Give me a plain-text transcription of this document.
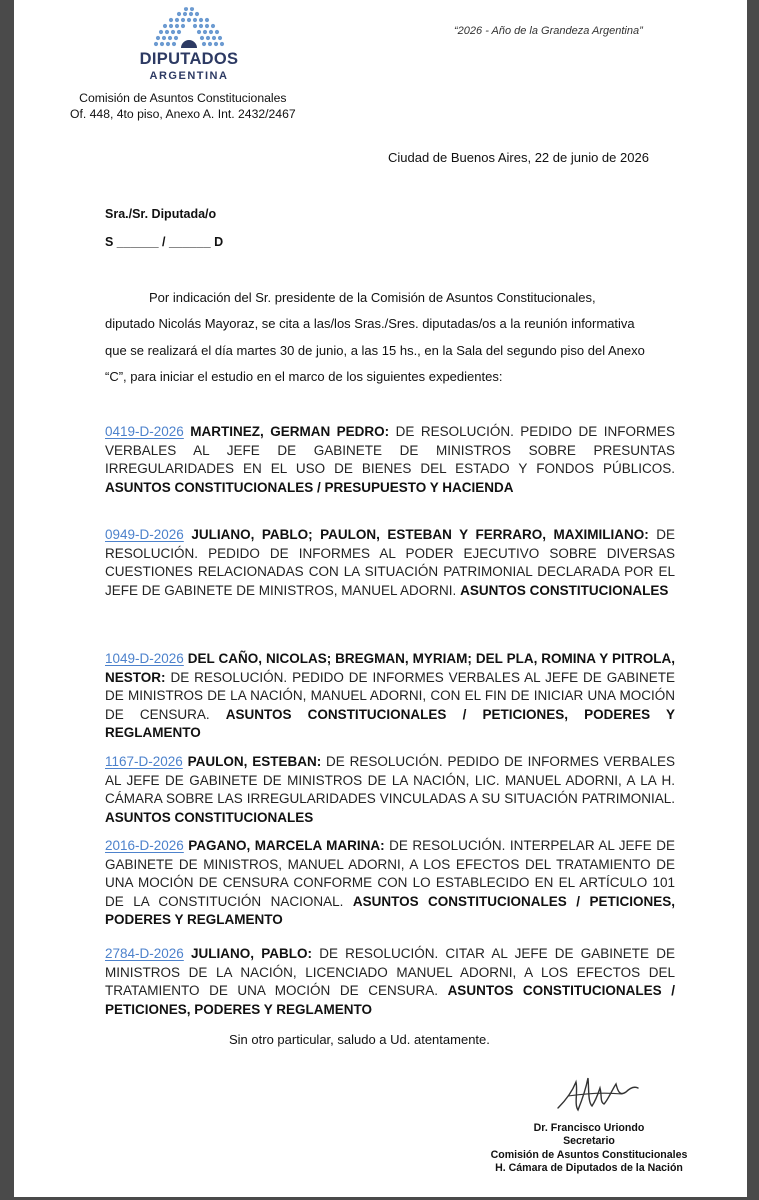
DIPUTADOS
ARGENTINA
“2026 - Año de la Grandeza Argentina”
Comisión de Asuntos Constitucionales
Of. 448, 4to piso, Anexo A. Int. 2432/2467
Ciudad de Buenos Aires, 22 de junio de 2026
Sra./Sr. Diputada/o
S ______ / ______ D
Por indicación del Sr. presidente de la Comisión de Asuntos Constitucionales,
diputado Nicolás Mayoraz, se cita a las/los Sras./Sres. diputadas/os a la reunión informativa
que se realizará el día martes 30 de junio, a las 15 hs., en la Sala del segundo piso del Anexo
“C”, para iniciar el estudio en el marco de los siguientes expedientes:
0419-D-2026 MARTINEZ, GERMAN PEDRO: DE RESOLUCIÓN. PEDIDO DE INFORMES VERBALES AL JEFE DE GABINETE DE MINISTROS SOBRE PRESUNTAS IRREGULARIDADES EN EL USO DE BIENES DEL ESTADO Y FONDOS PÚBLICOS. ASUNTOS CONSTITUCIONALES / PRESUPUESTO Y HACIENDA
0949-D-2026 JULIANO, PABLO; PAULON, ESTEBAN Y FERRARO, MAXIMILIANO: DE RESOLUCIÓN. PEDIDO DE INFORMES AL PODER EJECUTIVO SOBRE DIVERSAS CUESTIONES RELACIONADAS CON LA SITUACIÓN PATRIMONIAL DECLARADA POR EL JEFE DE GABINETE DE MINISTROS, MANUEL ADORNI. ASUNTOS CONSTITUCIONALES
1049-D-2026 DEL CAÑO, NICOLAS; BREGMAN, MYRIAM; DEL PLA, ROMINA Y PITROLA, NESTOR: DE RESOLUCIÓN. PEDIDO DE INFORMES VERBALES AL JEFE DE GABINETE DE MINISTROS DE LA NACIÓN, MANUEL ADORNI, CON EL FIN DE INICIAR UNA MOCIÓN DE CENSURA. ASUNTOS CONSTITUCIONALES / PETICIONES, PODERES Y REGLAMENTO
1167-D-2026 PAULON, ESTEBAN: DE RESOLUCIÓN. PEDIDO DE INFORMES VERBALES AL JEFE DE GABINETE DE MINISTROS DE LA NACIÓN, LIC. MANUEL ADORNI, A LA H. CÁMARA SOBRE LAS IRREGULARIDADES VINCULADAS A SU SITUACIÓN PATRIMONIAL. ASUNTOS CONSTITUCIONALES
2016-D-2026 PAGANO, MARCELA MARINA: DE RESOLUCIÓN. INTERPELAR AL JEFE DE GABINETE DE MINISTROS, MANUEL ADORNI, A LOS EFECTOS DEL TRATAMIENTO DE UNA MOCIÓN DE CENSURA CONFORME CON LO ESTABLECIDO EN EL ARTÍCULO 101 DE LA CONSTITUCIÓN NACIONAL. ASUNTOS CONSTITUCIONALES / PETICIONES, PODERES Y REGLAMENTO
2784-D-2026 JULIANO, PABLO: DE RESOLUCIÓN. CITAR AL JEFE DE GABINETE DE MINISTROS DE LA NACIÓN, LICENCIADO MANUEL ADORNI, A LOS EFECTOS DEL TRATAMIENTO DE UNA MOCIÓN DE CENSURA. ASUNTOS CONSTITUCIONALES / PETICIONES, PODERES Y REGLAMENTO
Sin otro particular, saludo a Ud. atentamente.
Dr. Francisco Uriondo
Secretario
Comisión de Asuntos Constitucionales
H. Cámara de Diputados de la Nación
